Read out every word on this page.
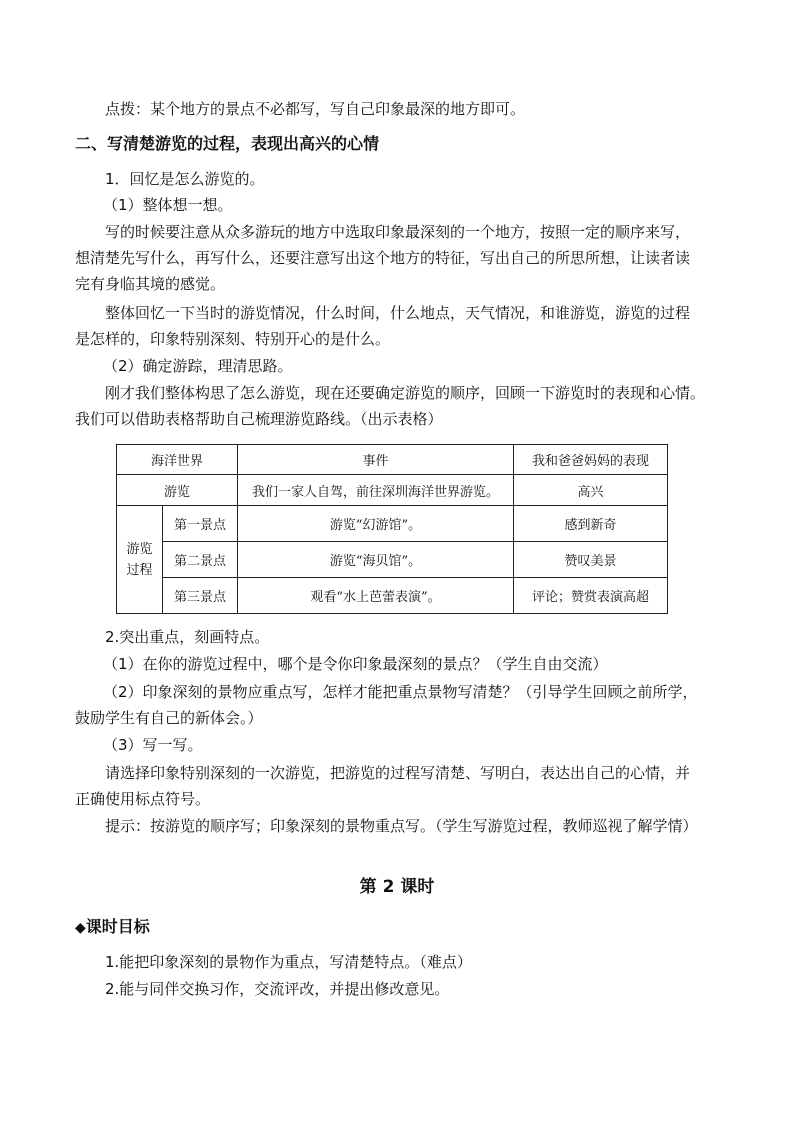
点拨：某个地方的景点不必都写，写自己印象最深的地方即可。
二、写清楚游览的过程，表现出高兴的心情
1．回忆是怎么游览的。
（1）整体想一想。
写的时候要注意从众多游玩的地方中选取印象最深刻的一个地方，按照一定的顺序来写，
想清楚先写什么，再写什么，还要注意写出这个地方的特征，写出自己的所思所想，让读者读
完有身临其境的感觉。
整体回忆一下当时的游览情况，什么时间，什么地点，天气情况，和谁游览，游览的过程
是怎样的，印象特别深刻、特别开心的是什么。
（2）确定游踪，理清思路。
刚才我们整体构思了怎么游览，现在还要确定游览的顺序，回顾一下游览时的表现和心情。
我们可以借助表格帮助自己梳理游览路线。（出示表格）
海洋世界		事件	我和爸爸妈妈的表现
游览		我们一家人自驾，前往深圳海洋世界游览。	高兴
游览
过程	第一景点	游览“幻游馆”。	感到新奇
	第二景点	游览“海贝馆”。	赞叹美景
	第三景点	观看“水上芭蕾表演”。	评论；赞赏表演高超
2.突出重点，刻画特点。
（1）在你的游览过程中，哪个是令你印象最深刻的景点？（学生自由交流）
（2）印象深刻的景物应重点写，怎样才能把重点景物写清楚？（引导学生回顾之前所学，
鼓励学生有自己的新体会。）
（3）写一写。
请选择印象特别深刻的一次游览，把游览的过程写清楚、写明白，表达出自己的心情，并
正确使用标点符号。
提示：按游览的顺序写；印象深刻的景物重点写。（学生写游览过程，教师巡视了解学情）
第 2 课时
◆课时目标
1.能把印象深刻的景物作为重点，写清楚特点。（难点）
2.能与同伴交换习作，交流评改，并提出修改意见。
